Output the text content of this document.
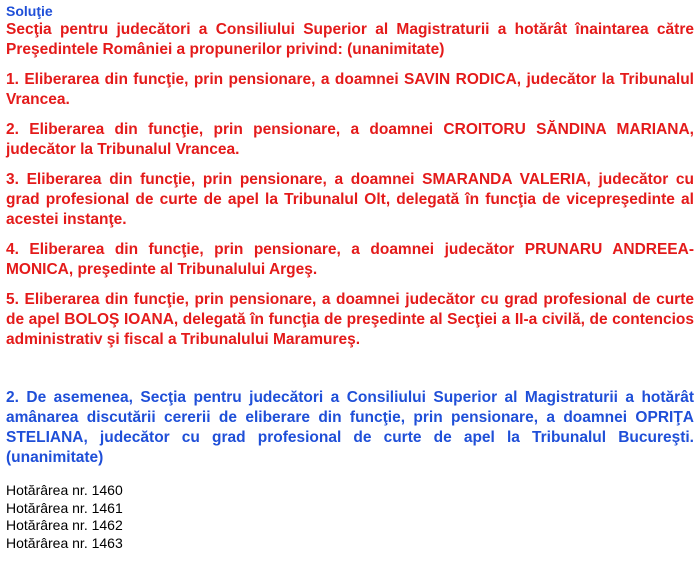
Soluţie

Secţia pentru judecători a Consiliului Superior al Magistraturii a hotărât înaintarea către Preşedintele României a propunerilor privind: (unanimitate)

1. Eliberarea din funcţie, prin pensionare, a doamnei SAVIN RODICA, judecător la Tribunalul Vrancea.

2. Eliberarea din funcţie, prin pensionare, a doamnei CROITORU SĂNDINA MARIANA, judecător la Tribunalul Vrancea.

3. Eliberarea din funcţie, prin pensionare, a doamnei SMARANDA VALERIA, judecător cu grad profesional de curte de apel la Tribunalul Olt, delegată în funcţia de vicepreşedinte al acestei instanţe.

4. Eliberarea din funcţie, prin pensionare, a doamnei judecător PRUNARU ANDREEA-MONICA, preşedinte al Tribunalului Argeş.

5. Eliberarea din funcţie, prin pensionare, a doamnei judecător cu grad profesional de curte de apel BOLOŞ IOANA, delegată în funcţia de preşedinte al Secţiei a II-a civilă, de contencios administrativ şi fiscal a Tribunalului Maramureş.

2. De asemenea, Secţia pentru judecători a Consiliului Superior al Magistraturii a hotărât amânarea discutării cererii de eliberare din funcţie, prin pensionare, a doamnei OPRIŢA STELIANA, judecător cu grad profesional de curte de apel la Tribunalul Bucureşti. (unanimitate)

Hotărârea nr. 1460
Hotărârea nr. 1461
Hotărârea nr. 1462
Hotărârea nr. 1463
